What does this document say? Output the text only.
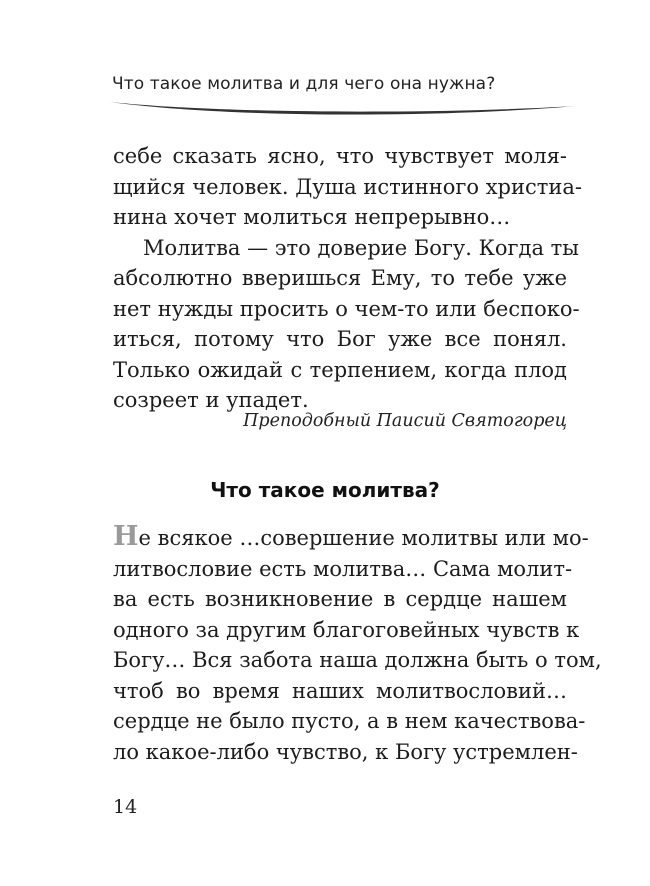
Что такое молитва и для чего она нужна?
себе сказать ясно, что чувствует моля-
щийся человек. Душа истинного христиа-
нина хочет молиться непрерывно…
Молитва — это доверие Богу. Когда ты
абсолютно вверишься Ему, то тебе уже
нет нужды просить о чем-то или беспоко-
иться, потому что Бог уже все понял.
Только ожидай с терпением, когда плод
созреет и упадет.
Преподобный Паисий Святогорец
Что такое молитва?
Не всякое …совершение молитвы или мо-
литвословие есть молитва… Сама молит-
ва есть возникновение в сердце нашем
одного за другим благоговейных чувств к
Богу… Вся забота наша должна быть о том,
чтоб во время наших молитвословий…
сердце не было пусто, а в нем качествова-
ло какое-либо чувство, к Богу устремлен-
14
